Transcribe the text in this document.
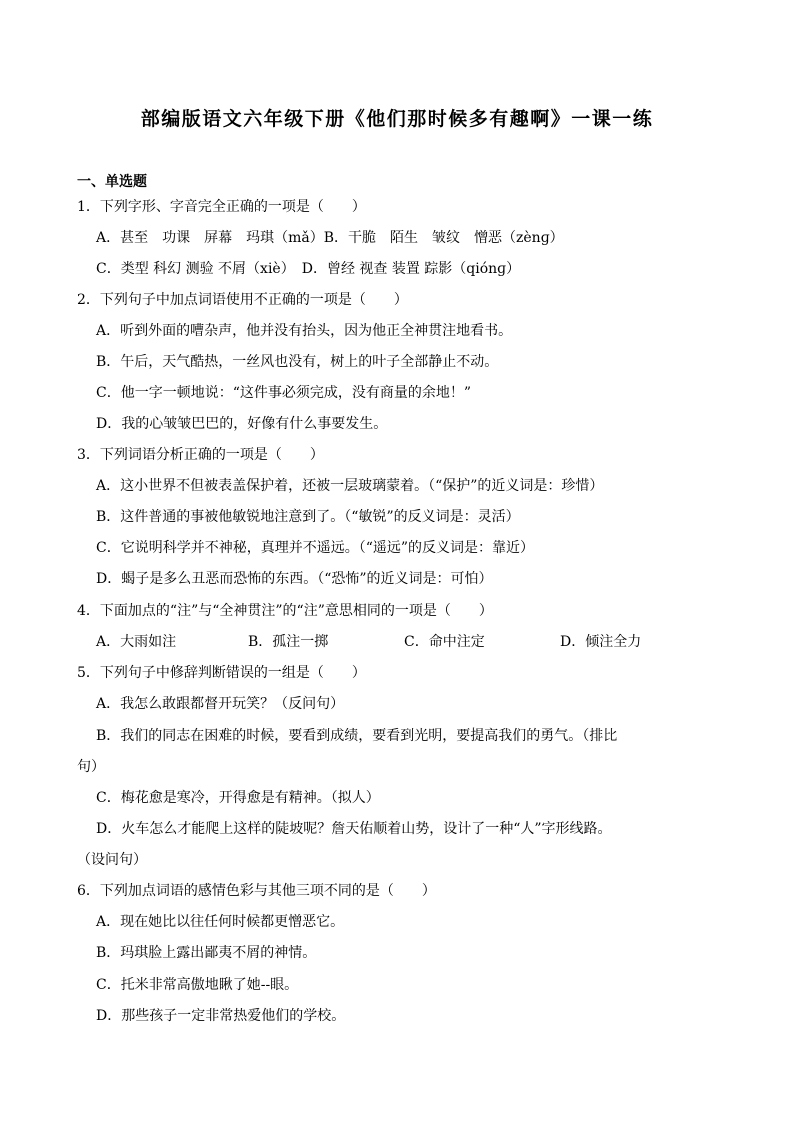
部编版语文六年级下册《他们那时候多有趣啊》一课一练
一、单选题
1．下列字形、字音完全正确的一项是（　　）
A．甚至　功课　屏幕　玛琪（mǎ）B．干脆　陌生　皱纹　憎恶（zènɡ）
C．类型 科幻 测验 不屑（xiè）　D．曾经 视查 装置 踪影（qiónɡ）
2．下列句子中加点词语使用不正确的一项是（　　）
A．听到外面的嘈杂声，他并没有抬头，因为他正全神贯注地看书。
B．午后，天气酷热，一丝风也没有，树上的叶子全部静止不动。
C．他一字一顿地说：“这件事必须完成，没有商量的余地！”
D．我的心皱皱巴巴的，好像有什么事要发生。
3．下列词语分析正确的一项是（　　）
A．这小世界不但被表盖保护着，还被一层玻璃蒙着。（“保护”的近义词是：珍惜）
B．这件普通的事被他敏锐地注意到了。（“敏锐”的反义词是：灵活）
C．它说明科学并不神秘，真理并不遥远。（“遥远”的反义词是：靠近）
D．蝎子是多么丑恶而恐怖的东西。（“恐怖”的近义词是：可怕）
4．下面加点的“注”与“全神贯注”的“注”意思相同的一项是（　　）
A．大雨如注	B．孤注一掷	C．命中注定	D．倾注全力
5．下列句子中修辞判断错误的一组是（　　）
A．我怎么敢跟都督开玩笑？（反问句）
B．我们的同志在困难的时候，要看到成绩，要看到光明，要提高我们的勇气。（排比
句）
C．梅花愈是寒冷，开得愈是有精神。（拟人）
D．火车怎么才能爬上这样的陡坡呢？詹天佑顺着山势，设计了一种“人”字形线路。
（设问句）
6．下列加点词语的感情色彩与其他三项不同的是（　　）
A．现在她比以往任何时候都更憎恶它。
B．玛琪脸上露出鄙夷不屑的神情。
C．托米非常高傲地瞅了她--眼。
D．那些孩子一定非常热爱他们的学校。
